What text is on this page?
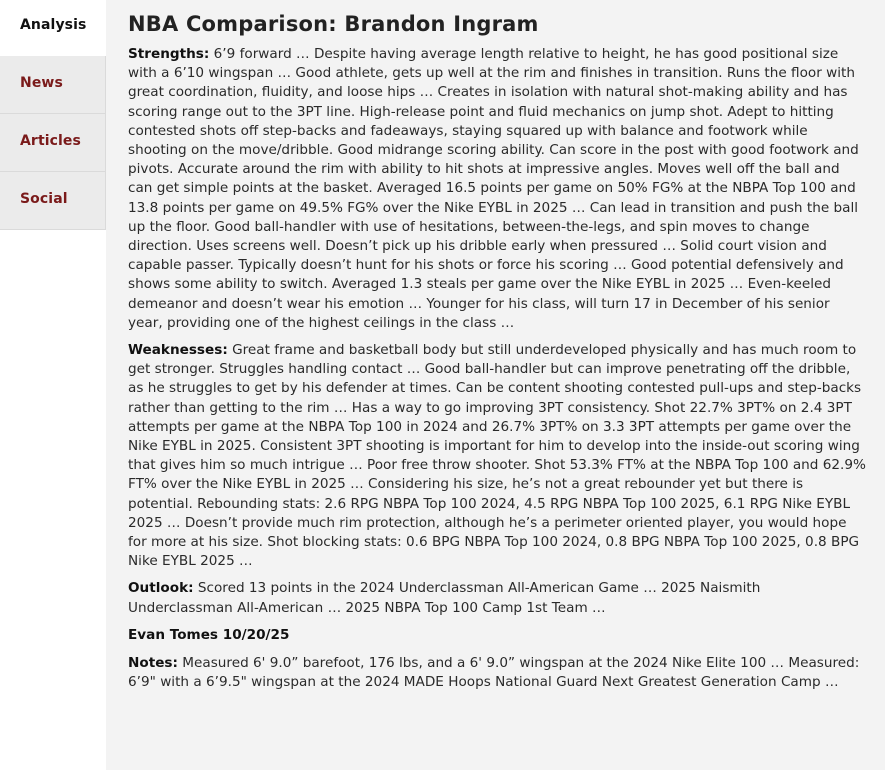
Analysis
News
Articles
Social
NBA Comparison: Brandon Ingram

Strengths: 6’9 forward … Despite having average length relative to height, he has good positional size with a 6’10 wingspan … Good athlete, gets up well at the rim and finishes in transition. Runs the floor with great coordination, fluidity, and loose hips … Creates in isolation with natural shot-making ability and has scoring range out to the 3PT line. High-release point and fluid mechanics on jump shot. Adept to hitting contested shots off step-backs and fadeaways, staying squared up with balance and footwork while shooting on the move/dribble. Good midrange scoring ability. Can score in the post with good footwork and pivots. Accurate around the rim with ability to hit shots at impressive angles. Moves well off the ball and can get simple points at the basket. Averaged 16.5 points per game on 50% FG% at the NBPA Top 100 and 13.8 points per game on 49.5% FG% over the Nike EYBL in 2025 … Can lead in transition and push the ball up the floor. Good ball-handler with use of hesitations, between-the-legs, and spin moves to change direction. Uses screens well. Doesn’t pick up his dribble early when pressured … Solid court vision and capable passer. Typically doesn’t hunt for his shots or force his scoring … Good potential defensively and shows some ability to switch. Averaged 1.3 steals per game over the Nike EYBL in 2025 … Even-keeled demeanor and doesn’t wear his emotion … Younger for his class, will turn 17 in December of his senior year, providing one of the highest ceilings in the class …

Weaknesses: Great frame and basketball body but still underdeveloped physically and has much room to get stronger. Struggles handling contact … Good ball-handler but can improve penetrating off the dribble, as he struggles to get by his defender at times. Can be content shooting contested pull-ups and step-backs rather than getting to the rim … Has a way to go improving 3PT consistency. Shot 22.7% 3PT% on 2.4 3PT attempts per game at the NBPA Top 100 in 2024 and 26.7% 3PT% on 3.3 3PT attempts per game over the Nike EYBL in 2025. Consistent 3PT shooting is important for him to develop into the inside-out scoring wing that gives him so much intrigue … Poor free throw shooter. Shot 53.3% FT% at the NBPA Top 100 and 62.9% FT% over the Nike EYBL in 2025 … Considering his size, he’s not a great rebounder yet but there is potential. Rebounding stats: 2.6 RPG NBPA Top 100 2024, 4.5 RPG NBPA Top 100 2025, 6.1 RPG Nike EYBL 2025 … Doesn’t provide much rim protection, although he’s a perimeter oriented player, you would hope for more at his size. Shot blocking stats: 0.6 BPG NBPA Top 100 2024, 0.8 BPG NBPA Top 100 2025, 0.8 BPG Nike EYBL 2025 …

Outlook: Scored 13 points in the 2024 Underclassman All-American Game … 2025 Naismith Underclassman All-American … 2025 NBPA Top 100 Camp 1st Team …

Evan Tomes 10/20/25

Notes: Measured 6' 9.0” barefoot, 176 lbs, and a 6' 9.0” wingspan at the 2024 Nike Elite 100 … Measured: 6’9" with a 6’9.5" wingspan at the 2024 MADE Hoops National Guard Next Greatest Generation Camp …
